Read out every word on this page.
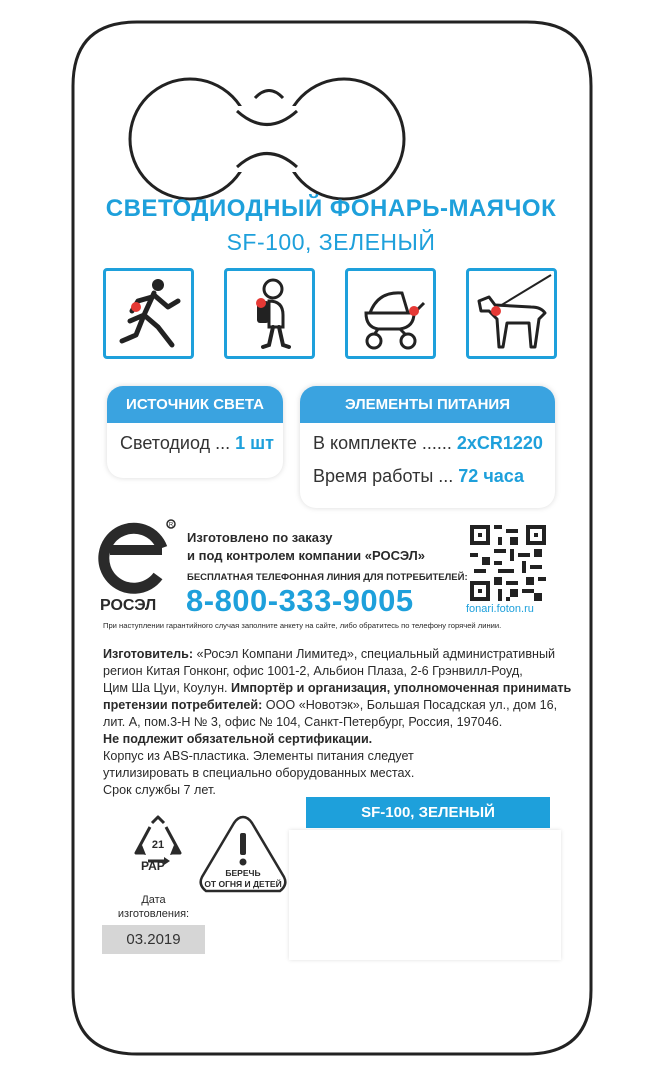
СВЕТОДИОДНЫЙ ФОНАРЬ-МАЯЧОК
SF-100, ЗЕЛЕНЫЙ
ИСТОЧНИК СВЕТА
Светодиод ... 1 шт
ЭЛЕМЕНТЫ ПИТАНИЯ
В комплекте ...... 2xCR1220
Время работы ... 72 часа
R
РОСЭЛ
Изготовлено по заказу
и под контролем компании «РОСЭЛ»
БЕСПЛАТНАЯ ТЕЛЕФОННАЯ ЛИНИЯ ДЛЯ ПОТРЕБИТЕЛЕЙ:
8-800-333-9005	fonari.foton.ru
При наступлении гарантийного случая заполните анкету на сайте, либо обратитесь по телефону горячей линии.
Изготовитель: «Росэл Компани Лимитед», специальный административный
регион Китая Гонконг, офис 1001-2, Альбион Плаза, 2-6 Грэнвилл-Роуд,
Цим Ша Цуи, Коулун. Импортёр и организация, уполномоченная принимать
претензии потребителей: ООО «Новотэк», Большая Посадская ул., дом 16,
лит. А, пом.3-Н № 3, офис № 104, Санкт-Петербург, Россия, 197046.
Не подлежит обязательной сертификации.
Корпус из ABS-пластика. Элементы питания следует
утилизировать в специально оборудованных местах.
Срок службы 7 лет.
SF-100, ЗЕЛЕНЫЙ
21
PAP	БЕРЕЧЬ
ОТ ОГНЯ И ДЕТЕЙ
Дата
изготовления:
03.2019
